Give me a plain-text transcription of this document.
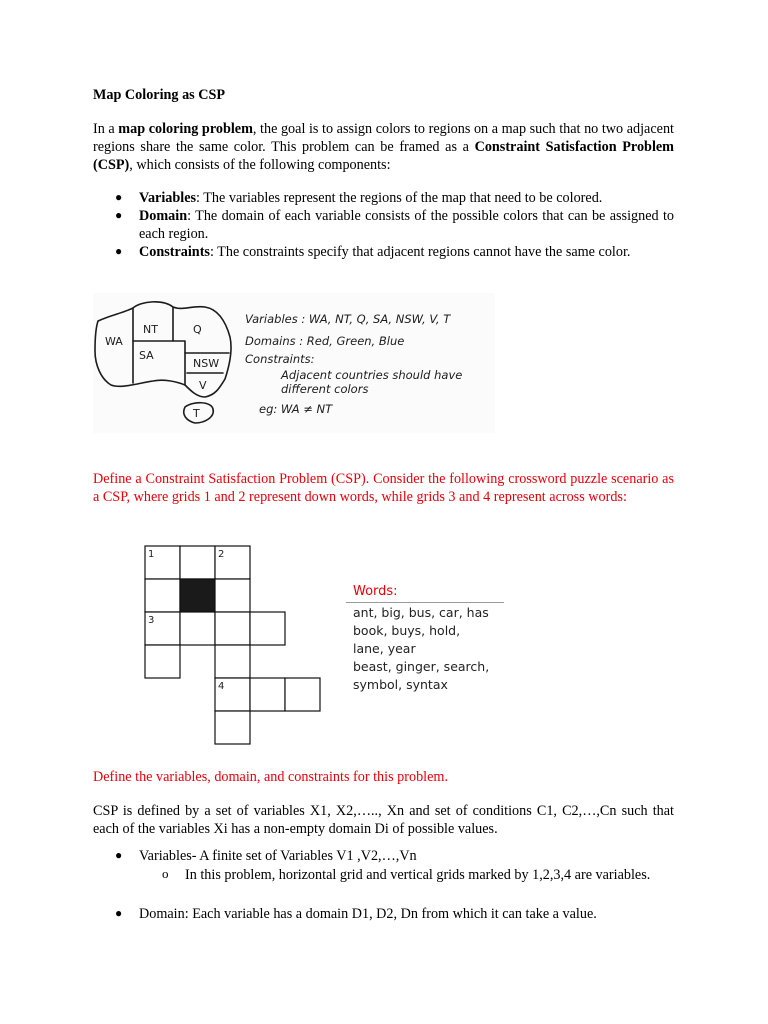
Map Coloring as CSP
In a map coloring problem, the goal is to assign colors to regions on a map such that no two adjacent regions share the same color. This problem can be framed as a Constraint Satisfaction Problem (CSP), which consists of the following components:
● Variables: The variables represent the regions of the map that need to be colored.
● Domain: The domain of each variable consists of the possible colors that can be assigned to each region.
● Constraints: The constraints specify that adjacent regions cannot have the same color.
WA
NT	Q
SA
NSW
V
T
Variables : WA, NT, Q, SA, NSW, V, T
Domains : Red, Green, Blue
Constraints:
Adjacent countries should have
different colors
eg: WA ≠ NT
Define a Constraint Satisfaction Problem (CSP). Consider the following crossword puzzle scenario as a CSP, where grids 1 and 2 represent down words, while grids 3 and 4 represent across words:
1	2
3
4
Words:
ant, big, bus, car, has
book, buys, hold,
lane, year
beast, ginger, search,
symbol, syntax
Define the variables, domain, and constraints for this problem.
CSP is defined by a set of variables X1, X2,….., Xn and set of conditions C1, C2,…,Cn such that each of the variables Xi has a non-empty domain Di of possible values.
● Variables- A finite set of Variables V1 ,V2,…,Vn
o In this problem, horizontal grid and vertical grids marked by 1,2,3,4 are variables.
● Domain: Each variable has a domain D1, D2, Dn from which it can take a value.
